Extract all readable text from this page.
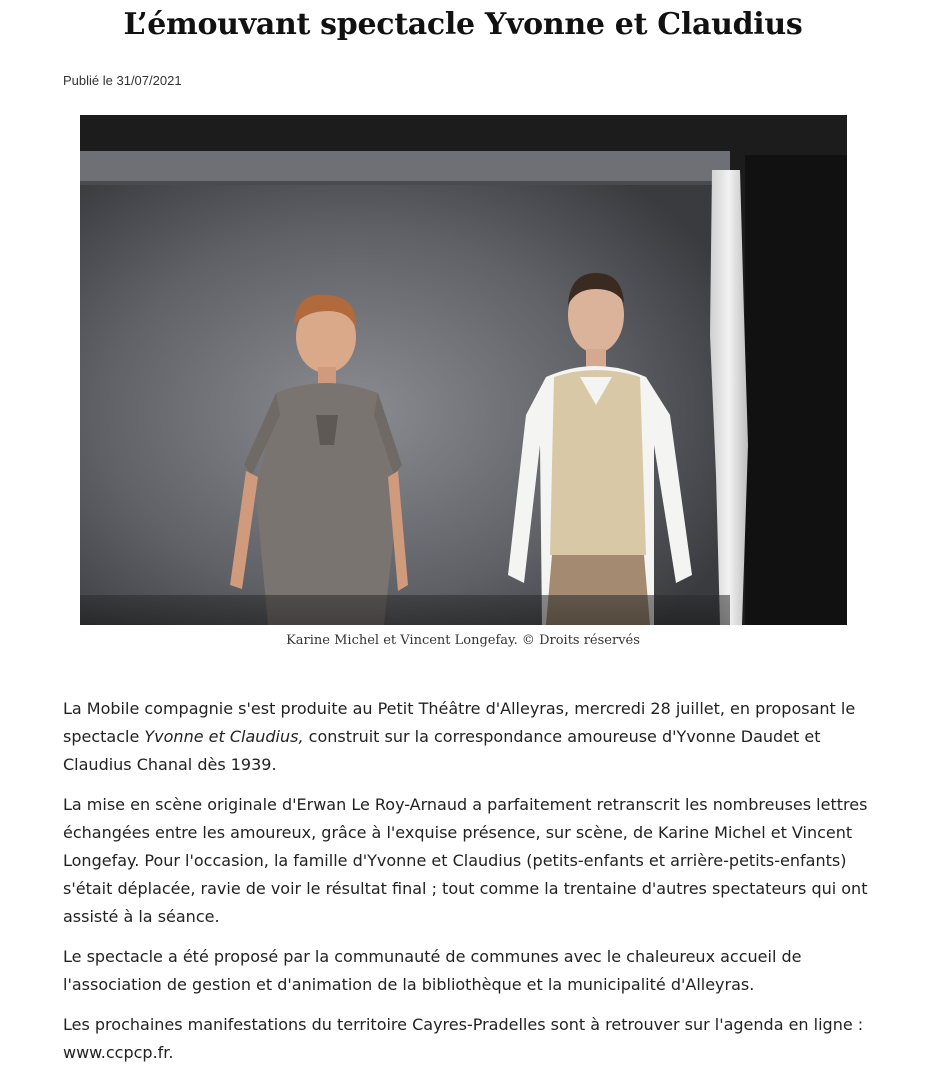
L’émouvant spectacle Yvonne et Claudius
Publié le 31/07/2021
Karine Michel et Vincent Longefay. © Droits réservés

La Mobile compagnie s'est produite au Petit Théâtre d'Alleyras, mercredi 28 juillet, en proposant le spectacle Yvonne et Claudius, construit sur la correspondance amoureuse d'Yvonne Daudet et Claudius Chanal dès 1939.

La mise en scène originale d'Erwan Le Roy-Arnaud a parfaitement retranscrit les nombreuses lettres échangées entre les amoureux, grâce à l'exquise présence, sur scène, de Karine Michel et Vincent Longefay. Pour l'occasion, la famille d'Yvonne et Claudius (petits-enfants et arrière-petits-enfants) s'était déplacée, ravie de voir le résultat final ; tout comme la trentaine d'autres spectateurs qui ont assisté à la séance.

Le spectacle a été proposé par la communauté de communes avec le chaleureux accueil de l'association de gestion et d'animation de la bibliothèque et la municipalité d'Alleyras.

Les prochaines manifestations du territoire Cayres-Pradelles sont à retrouver sur l'agenda en ligne : www.ccpcp.fr.
